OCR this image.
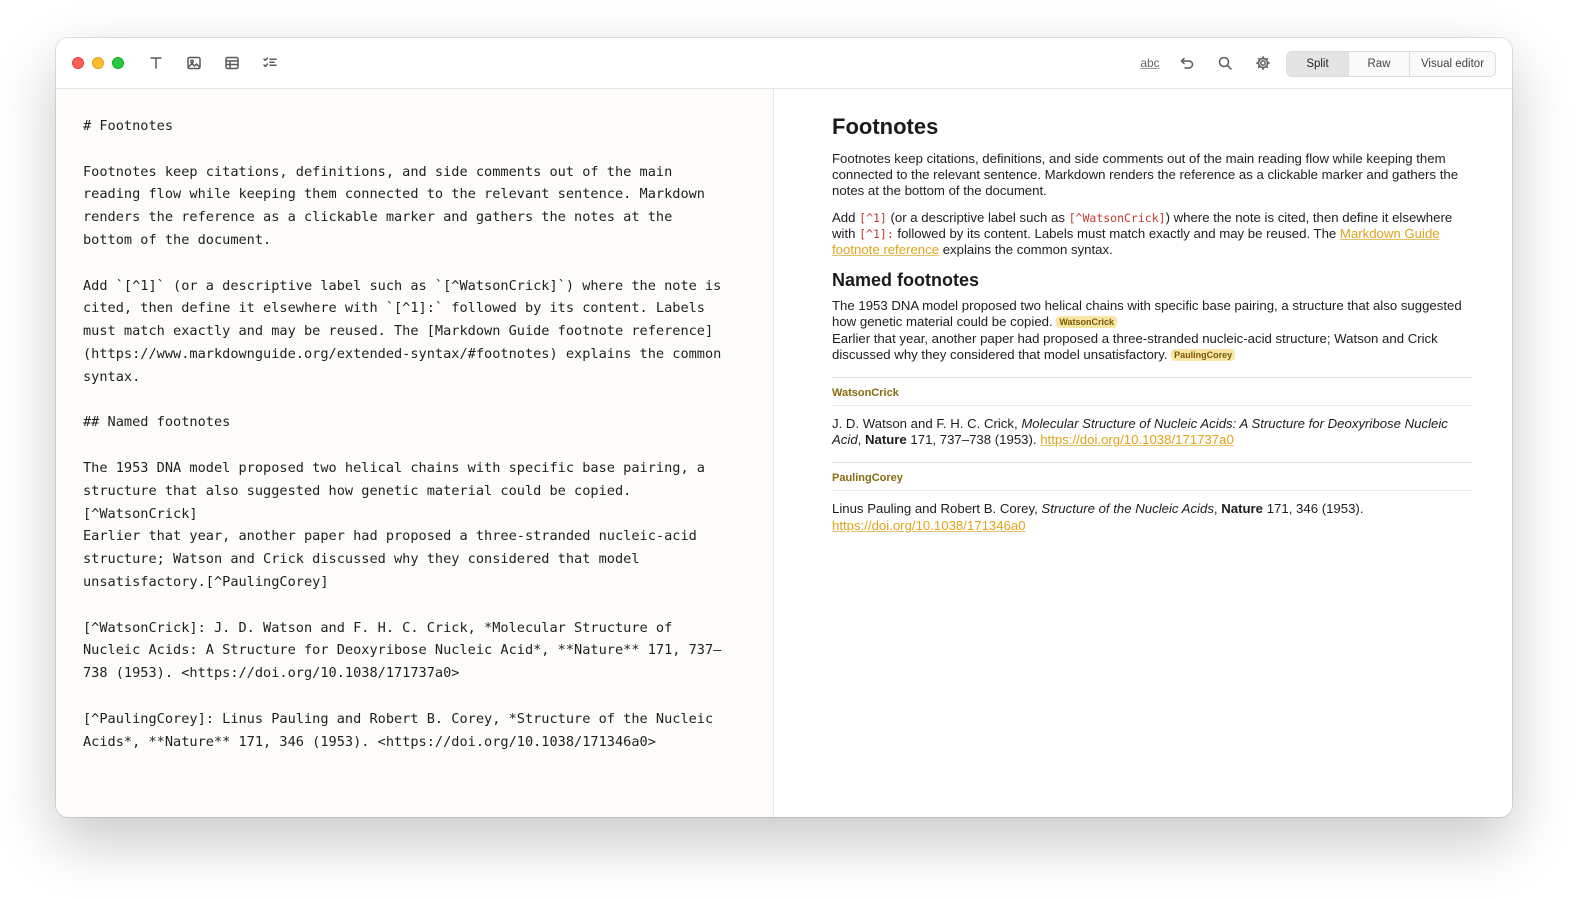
abc	Split	Raw	Visual editor
# Footnotes
Footnotes keep citations, definitions, and side comments out of the main
reading flow while keeping them connected to the relevant sentence. Markdown
renders the reference as a clickable marker and gathers the notes at the
bottom of the document.
Add `[^1]` (or a descriptive label such as `[^WatsonCrick]`) where the note is
cited, then define it elsewhere with `[^1]:` followed by its content. Labels
must match exactly and may be reused. The [Markdown Guide footnote reference]
(https://www.markdownguide.org/extended-syntax/#footnotes) explains the common
syntax.
## Named footnotes
The 1953 DNA model proposed two helical chains with specific base pairing, a
structure that also suggested how genetic material could be copied.
[^WatsonCrick]
Earlier that year, another paper had proposed a three-stranded nucleic-acid
structure; Watson and Crick discussed why they considered that model
unsatisfactory.[^PaulingCorey]
[^WatsonCrick]: J. D. Watson and F. H. C. Crick, *Molecular Structure of
Nucleic Acids: A Structure for Deoxyribose Nucleic Acid*, **Nature** 171, 737–
738 (1953). <https://doi.org/10.1038/171737a0>
[^PaulingCorey]: Linus Pauling and Robert B. Corey, *Structure of the Nucleic
Acids*, **Nature** 171, 346 (1953). <https://doi.org/10.1038/171346a0>
Footnotes

Footnotes keep citations, definitions, and side comments out of the main reading flow while keeping them connected to the relevant sentence. Markdown renders the reference as a clickable marker and gathers the notes at the bottom of the document.

Add [^1] (or a descriptive label such as [^WatsonCrick]) where the note is cited, then define it elsewhere with [^1]: followed by its content. Labels must match exactly and may be reused. The Markdown Guide footnote reference explains the common syntax.

Named footnotes

The 1953 DNA model proposed two helical chains with specific base pairing, a structure that also suggested how genetic material could be copied. WatsonCrick
Earlier that year, another paper had proposed a three-stranded nucleic-acid structure; Watson and Crick discussed why they considered that model unsatisfactory. PaulingCorey

WatsonCrick
J. D. Watson and F. H. C. Crick, Molecular Structure of Nucleic Acids: A Structure for Deoxyribose Nucleic Acid, Nature 171, 737–738 (1953). https://doi.org/10.1038/171737a0
PaulingCorey
Linus Pauling and Robert B. Corey, Structure of the Nucleic Acids, Nature 171, 346 (1953). https://doi.org/10.1038/171346a0
